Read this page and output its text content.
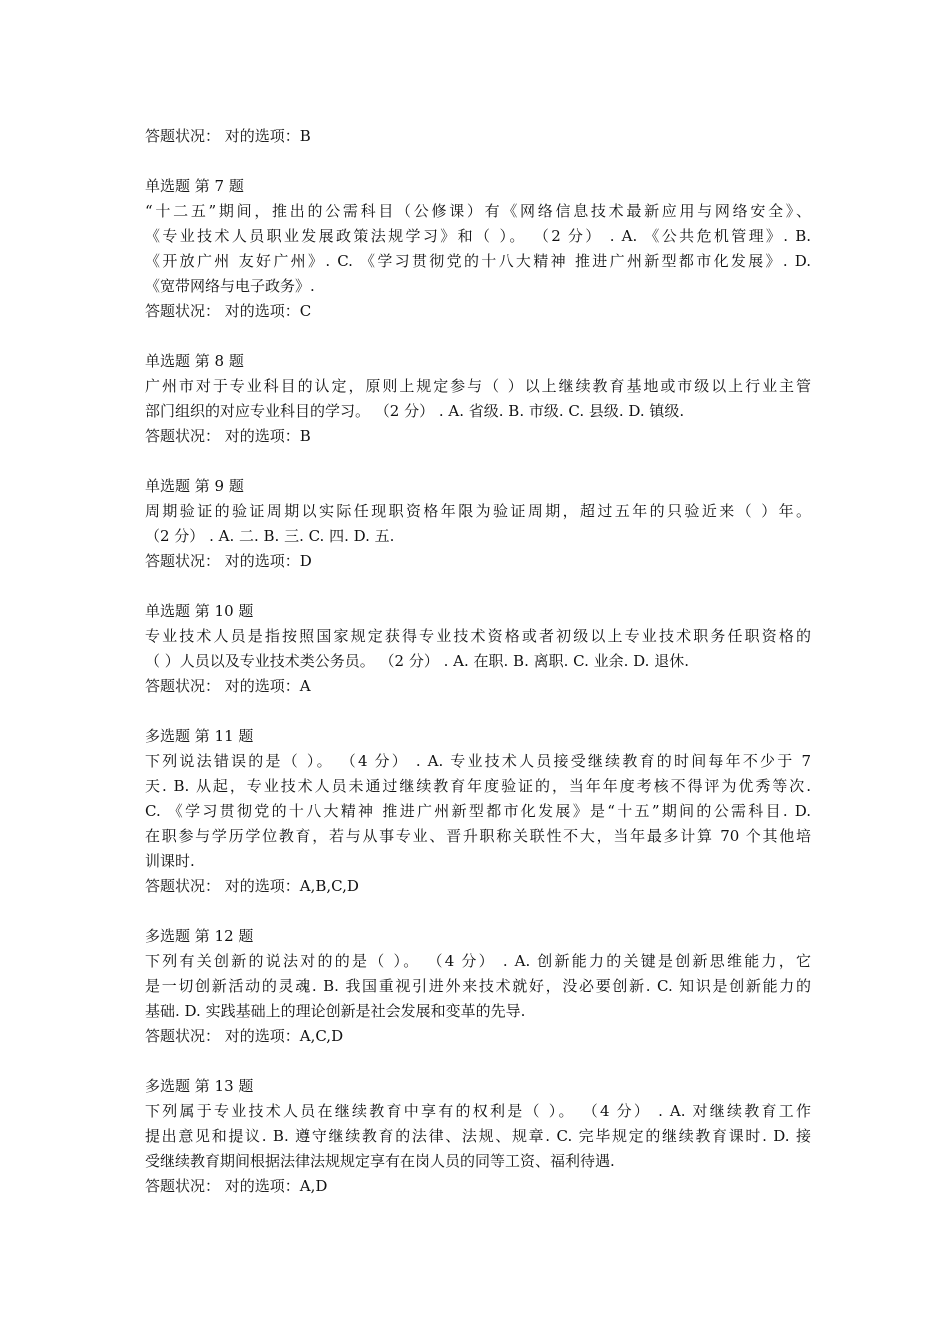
答题状况： 对的选项：B
单选题 第 7 题
“十二五”期间，推出的公需科目（公修课）有《网络信息技术最新应用与网络安全》、
《专业技术人员职业发展政策法规学习》和（ ）。 （2 分） . A. 《公共危机管理》. B.
《开放广州 友好广州》. C. 《学习贯彻党的十八大精神 推进广州新型都市化发展》. D.
《宽带网络与电子政务》.
答题状况： 对的选项：C
单选题 第 8 题
广州市对于专业科目的认定，原则上规定参与（ ）以上继续教育基地或市级以上行业主管
部门组织的对应专业科目的学习。 （2 分） . A. 省级. B. 市级. C. 县级. D. 镇级.
答题状况： 对的选项：B
单选题 第 9 题
周期验证的验证周期以实际任现职资格年限为验证周期，超过五年的只验近来（ ）年。
（2 分） . A. 二. B. 三. C. 四. D. 五.
答题状况： 对的选项：D
单选题 第 10 题
专业技术人员是指按照国家规定获得专业技术资格或者初级以上专业技术职务任职资格的
（ ）人员以及专业技术类公务员。 （2 分） . A. 在职. B. 离职. C. 业余. D. 退休.
答题状况： 对的选项：A
多选题 第 11 题
下列说法错误的是（ ）。 （4 分） . A. 专业技术人员接受继续教育的时间每年不少于 7
天. B. 从起，专业技术人员未通过继续教育年度验证的，当年年度考核不得评为优秀等次.
C. 《学习贯彻党的十八大精神 推进广州新型都市化发展》是“十五”期间的公需科目. D.
在职参与学历学位教育，若与从事专业、晋升职称关联性不大，当年最多计算 70 个其他培
训课时.
答题状况： 对的选项：A,B,C,D
多选题 第 12 题
下列有关创新的说法对的的是（ ）。 （4 分） . A. 创新能力的关键是创新思维能力，它
是一切创新活动的灵魂. B. 我国重视引进外来技术就好，没必要创新. C. 知识是创新能力的
基础. D. 实践基础上的理论创新是社会发展和变革的先导.
答题状况： 对的选项：A,C,D
多选题 第 13 题
下列属于专业技术人员在继续教育中享有的权利是（ ）。 （4 分） . A. 对继续教育工作
提出意见和提议. B. 遵守继续教育的法律、法规、规章. C. 完毕规定的继续教育课时. D. 接
受继续教育期间根据法律法规规定享有在岗人员的同等工资、福利待遇.
答题状况： 对的选项：A,D
